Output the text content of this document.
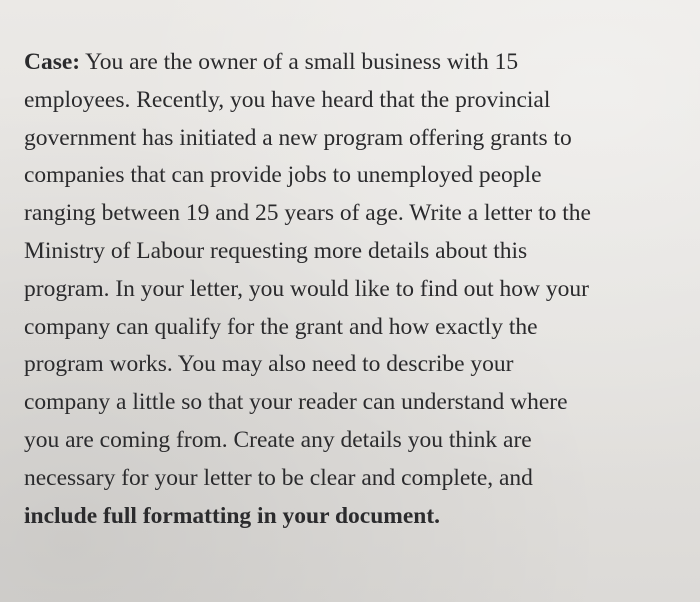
Case: You are the owner of a small business with 15
employees. Recently, you have heard that the provincial
government has initiated a new program offering grants to
companies that can provide jobs to unemployed people
ranging between 19 and 25 years of age. Write a letter to the
Ministry of Labour requesting more details about this
program. In your letter, you would like to find out how your
company can qualify for the grant and how exactly the
program works. You may also need to describe your
company a little so that your reader can understand where
you are coming from. Create any details you think are
necessary for your letter to be clear and complete, and
include full formatting in your document.
